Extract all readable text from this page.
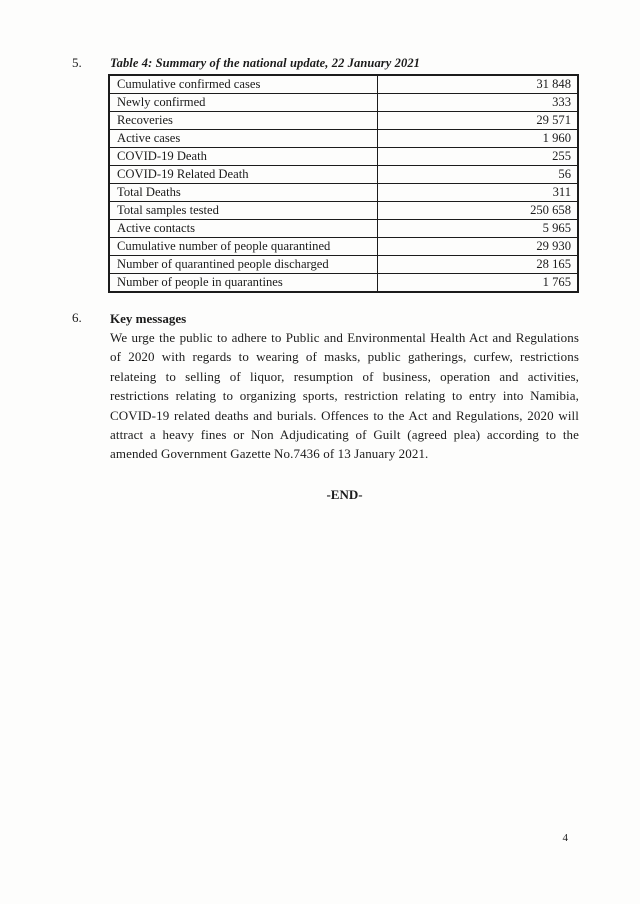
5.	Table 4: Summary of the national update, 22 January 2021
Cumulative confirmed cases	31 848
Newly confirmed	333
Recoveries	29 571
Active cases	1 960
COVID-19 Death	255
COVID-19 Related Death	56
Total Deaths	311
Total samples tested	250 658
Active contacts	5 965
Cumulative number of people quarantined	29 930
Number of quarantined people discharged	28 165
Number of people in quarantines	1 765
6.	Key messages

We urge the public to adhere to Public and Environmental Health Act and Regulations of 2020 with regards to wearing of masks, public gatherings, curfew, restrictions relateing to selling of liquor, resumption of business, operation and activities, restrictions relating to organizing sports, restriction relating to entry into Namibia, COVID-19 related deaths and burials. Offences to the Act and Regulations, 2020 will attract a heavy fines or Non Adjudicating of Guilt (agreed plea) according to the amended Government Gazette No.7436 of 13 January 2021.

-END-
4
